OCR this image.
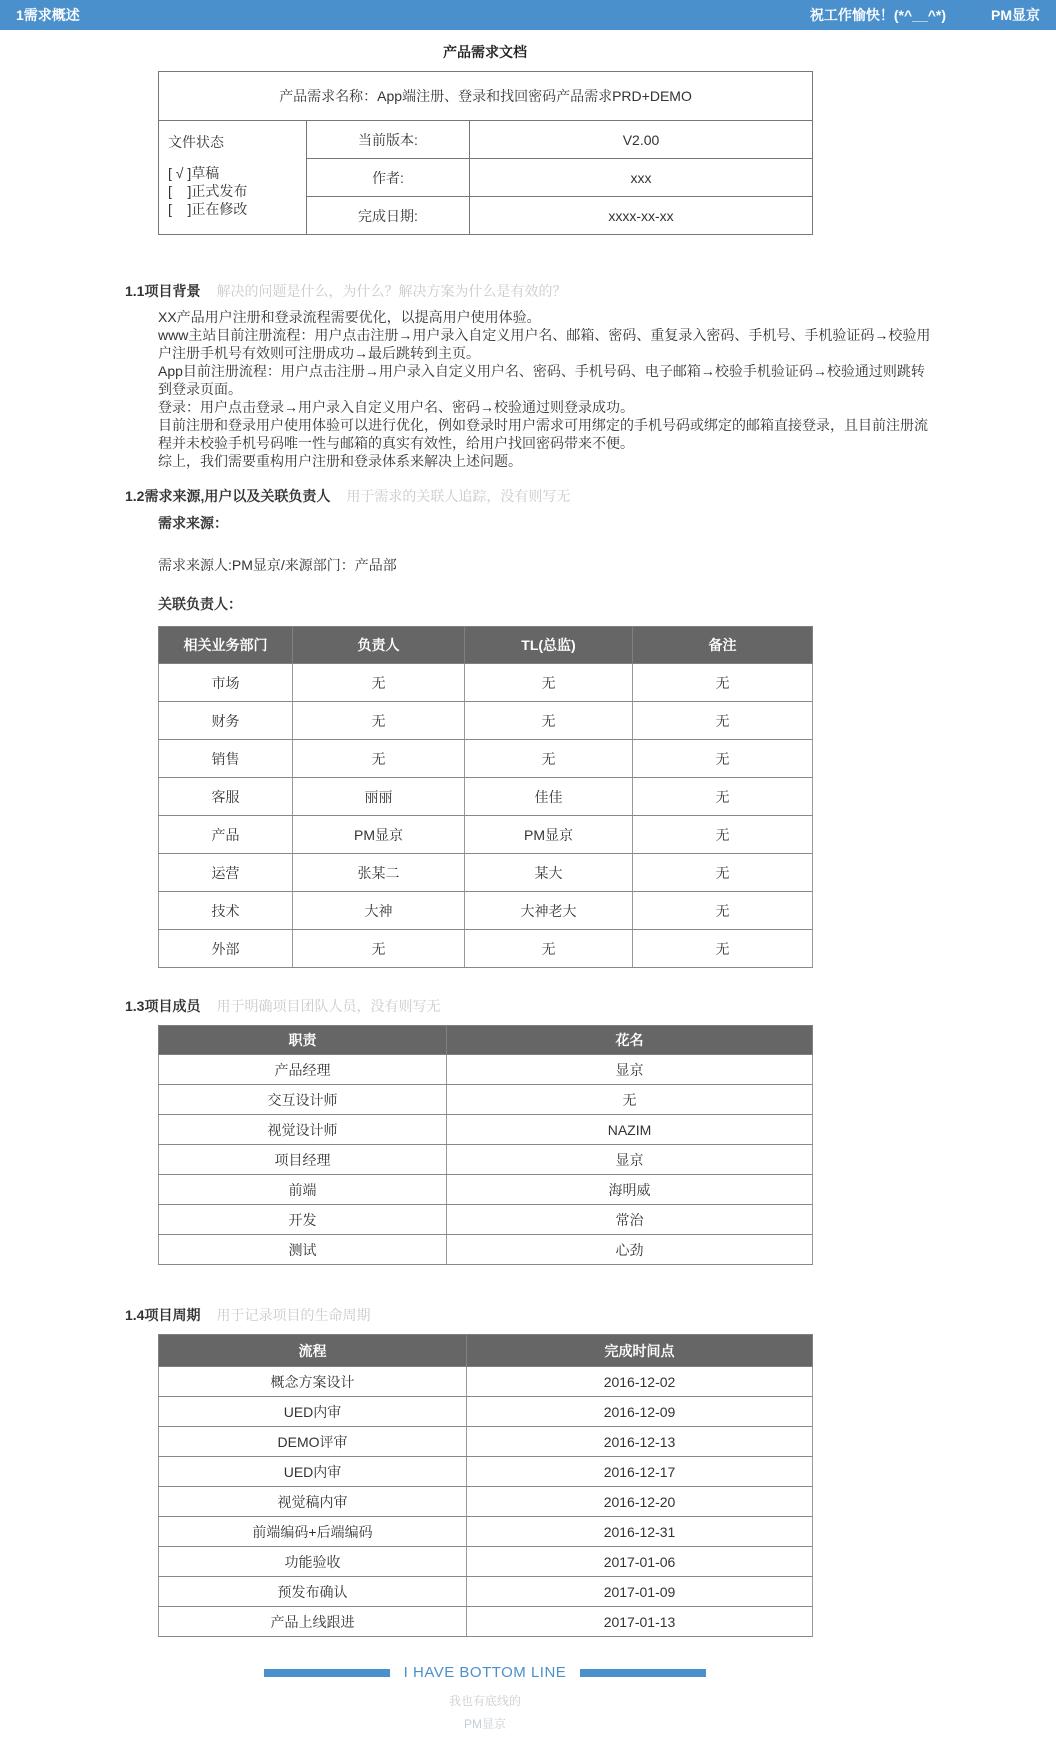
1需求概述	祝工作愉快！(*^__^*)	PM显京
产品需求文档
产品需求名称：App端注册、登录和找回密码产品需求PRD+DEMO		

文件状态
[ √ ]草稿
[    ]正式发布
[    ]正在修改	当前版本:	V2.00
	作者:	xxx
	完成日期:	xxxx-xx-xx
1.1项目背景 解决的问题是什么，为什么？解决方案为什么是有效的？

XX产品用户注册和登录流程需要优化，以提高用户使用体验。

www主站目前注册流程：用户点击注册→用户录入自定义用户名、邮箱、密码、重复录入密码、手机号、手机验证码→校验用户注册手机号有效则可注册成功→最后跳转到主页。

App目前注册流程：用户点击注册→用户录入自定义用户名、密码、手机号码、电子邮箱→校验手机验证码→校验通过则跳转到登录页面。

登录：用户点击登录→用户录入自定义用户名、密码→校验通过则登录成功。

目前注册和登录用户使用体验可以进行优化，例如登录时用户需求可用绑定的手机号码或绑定的邮箱直接登录，且目前注册流程并未校验手机号码唯一性与邮箱的真实有效性，给用户找回密码带来不便。

综上，我们需要重构用户注册和登录体系来解决上述问题。

1.2需求来源,用户以及关联负责人 用于需求的关联人追踪，没有则写无
需求来源：
需求来源人:PM显京/来源部门：产品部
关联负责人：
相关业务部门	负责人	TL(总监)	备注
市场	无	无	无
财务	无	无	无
销售	无	无	无
客服	丽丽	佳佳	无
产品	PM显京	PM显京	无
运营	张某二	某大	无
技术	大神	大神老大	无
外部	无	无	无
1.3项目成员 用于明确项目团队人员，没有则写无
职责	花名
产品经理	显京
交互设计师	无
视觉设计师	NAZIM
项目经理	显京
前端	海明威
开发	常治
测试	心劲
1.4项目周期 用于记录项目的生命周期
流程	完成时间点
概念方案设计	2016-12-02
UED内审	2016-12-09
DEMO评审	2016-12-13
UED内审	2016-12-17
视觉稿内审	2016-12-20
前端编码+后端编码	2016-12-31
功能验收	2017-01-06
预发布确认	2017-01-09
产品上线跟进	2017-01-13
I HAVE BOTTOM LINE
我也有底线的
PM显京
